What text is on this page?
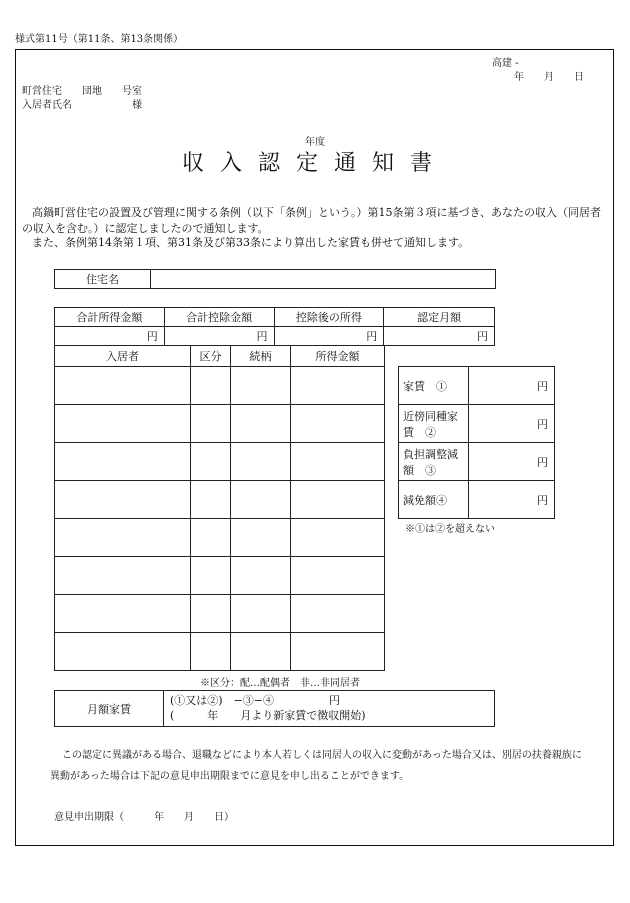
様式第11号（第11条、第13条関係）
高建 -
年　　月　　日
町営住宅　　団地　　号室
入居者氏名　　　　　　様
年度
収入認定通知書
高鍋町営住宅の設置及び管理に関する条例（以下「条例」という。）第15条第３項に基づき、あなたの収入（同居者の収入を含む。）に認定しましたので通知します。
また、条例第14条第１項、第31条及び第33条により算出した家賃も併せて通知します。
住宅名	
合計所得金額	合計控除金額	控除後の所得	認定月額
円	円	円	円
入居者	区分	続柄	所得金額

※区分：配…配偶者　非…非同居者
家賃　①	円
近傍同種家賃　②	円
負担調整減額　③	円
減免額④	円
※①は②を超えない
月額家賃	
(①又は②)　−③−④　　　　　円
(　　　年　　月より新家賃で徴収開始)
この認定に異議がある場合、退職などにより本人若しくは同居人の収入に変動があった場合又は、別居の扶養親族に異動があった場合は下記の意見申出期限までに意見を申し出ることができます。
意見申出期限（　　　年　　月　　日）
